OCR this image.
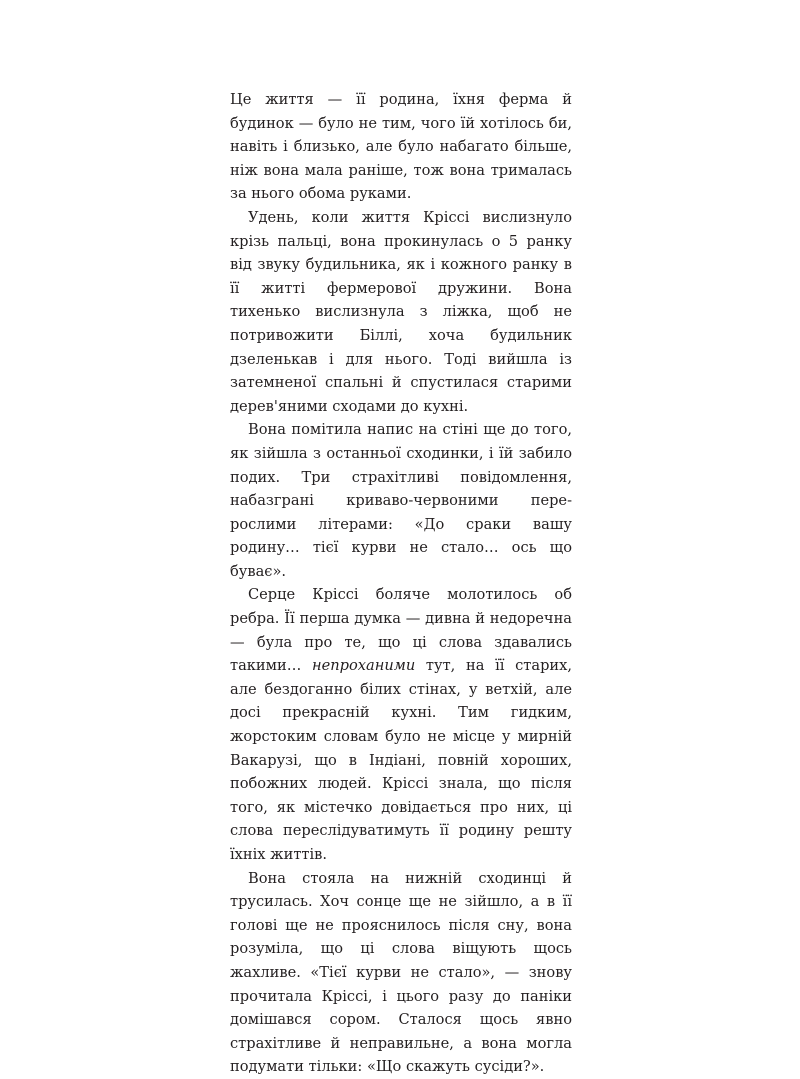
Це життя — її родина, їхня ферма й будинок — було не тим, чого їй хотілось би, навіть і близько, але було набагато більше, ніж вона мала раніше, тож вона трималась за нього обома руками.

Удень, коли життя Кріссі вислизнуло крізь пальці, вона прокинулась о 5 ранку від звуку будильника, як і кожного ранку в її житті фермерової дружини. Вона тихенько вислизнула з ліжка, щоб не потривожити Біллі, хоча будильник дзеленькав і для нього. Тоді вийшла із затемненої спальні й спустилася старими дерев'яними сходами до кухні.

Вона помітила напис на стіні ще до того, як зійшла з останньої сходинки, і їй забило подих. Три страхітливі повідомлення, набазграні криваво-червоними перерослими літерами: «До сраки вашу родину… тієї курви не стало… ось що буває».

Серце Кріссі боляче молотилось об ребра. Її перша думка — дивна й недоречна — була про те, що ці слова здавались такими… непроханими тут, на її старих, але бездоганно білих стінах, у ветхій, але досі прекрасній кухні. Тим гидким, жорстоким словам було не місце у мирній Вакарузі, що в Індіані, повній хороших, побожних людей. Кріссі знала, що після того, як містечко довідається про них, ці слова переслідуватимуть її родину решту їхніх життів.

Вона стояла на нижній сходинці й трусилась. Хоч сонце ще не зійшло, а в її голові ще не прояснилось після сну, вона розуміла, що ці слова віщують щось жахливе. «Тієї курви не стало», — знову прочитала Кріссі, і цього разу до паніки домішався сором. Сталося щось явно страхітливе й неправильне, а вона могла подумати тільки: «Що скажуть сусіди?».
